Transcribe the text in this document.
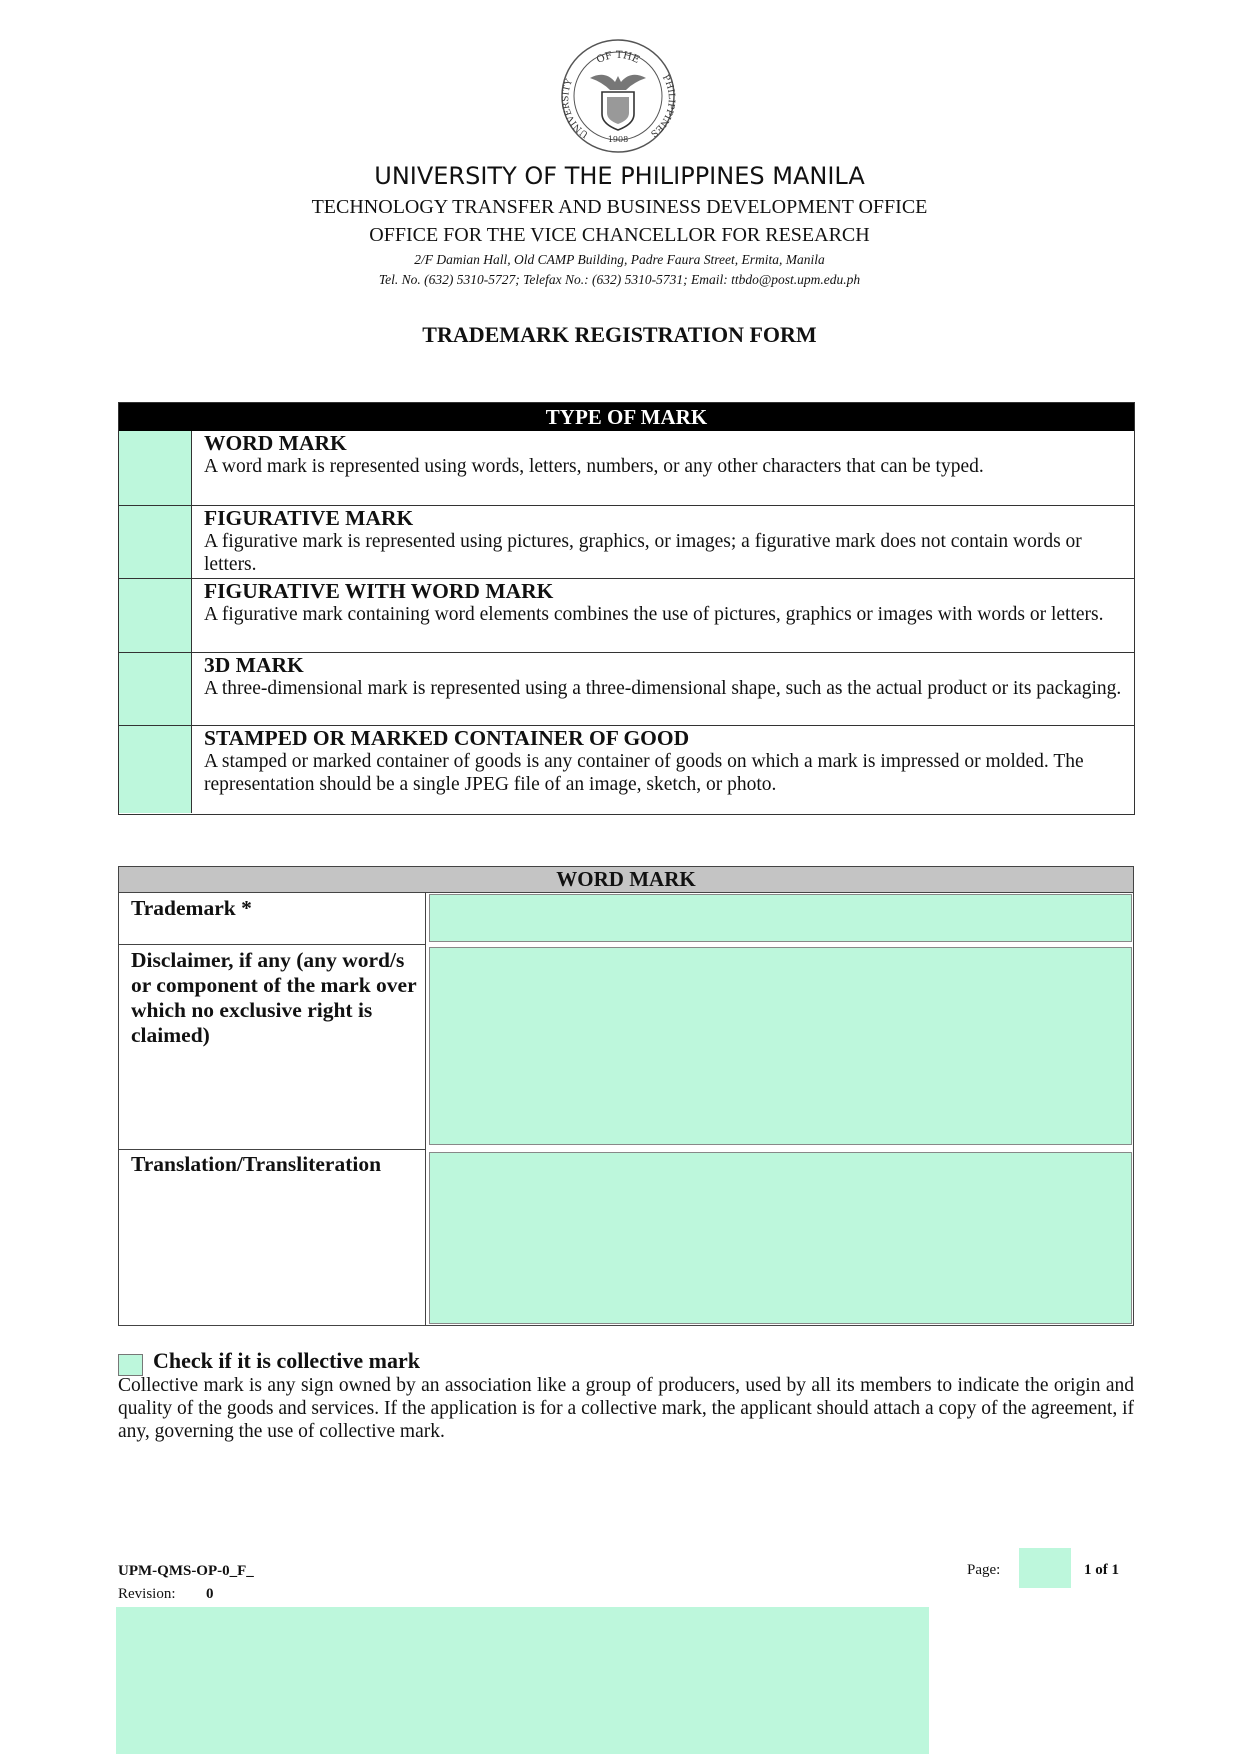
OF THE
UNIVERSITY	PHILIPPINES
1908
UNIVERSITY OF THE PHILIPPINES MANILA
TECHNOLOGY TRANSFER AND BUSINESS DEVELOPMENT OFFICE
OFFICE FOR THE VICE CHANCELLOR FOR RESEARCH
2/F Damian Hall, Old CAMP Building, Padre Faura Street, Ermita, Manila
Tel. No. (632) 5310-5727; Telefax No.: (632) 5310-5731; Email: ttbdo@post.upm.edu.ph
TRADEMARK REGISTRATION FORM
TYPE OF MARK
WORD MARK
A word mark is represented using words, letters, numbers, or any other characters that can be typed.
FIGURATIVE MARK
A figurative mark is represented using pictures, graphics, or images; a figurative mark does not contain words or letters.
FIGURATIVE WITH WORD MARK
A figurative mark containing word elements combines the use of pictures, graphics or images with words or letters.
3D MARK
A three-dimensional mark is represented using a three-dimensional shape, such as the actual product or its packaging.
STAMPED OR MARKED CONTAINER OF GOOD
A stamped or marked container of goods is any container of goods on which a mark is impressed or molded. The representation should be a single JPEG file of an image, sketch, or photo.
WORD MARK
Trademark *
Disclaimer, if any (any word/s or component of the mark over which no exclusive right is claimed)
Translation/Transliteration
Check if it is collective mark
Collective mark is any sign owned by an association like a group of producers, used by all its members to indicate the origin and quality of the goods and services. If the application is for a collective mark, the applicant should attach a copy of the agreement, if any, governing the use of collective mark.
UPM-QMS-OP-0_F_
Revision: 0
Page:	1 of 1
